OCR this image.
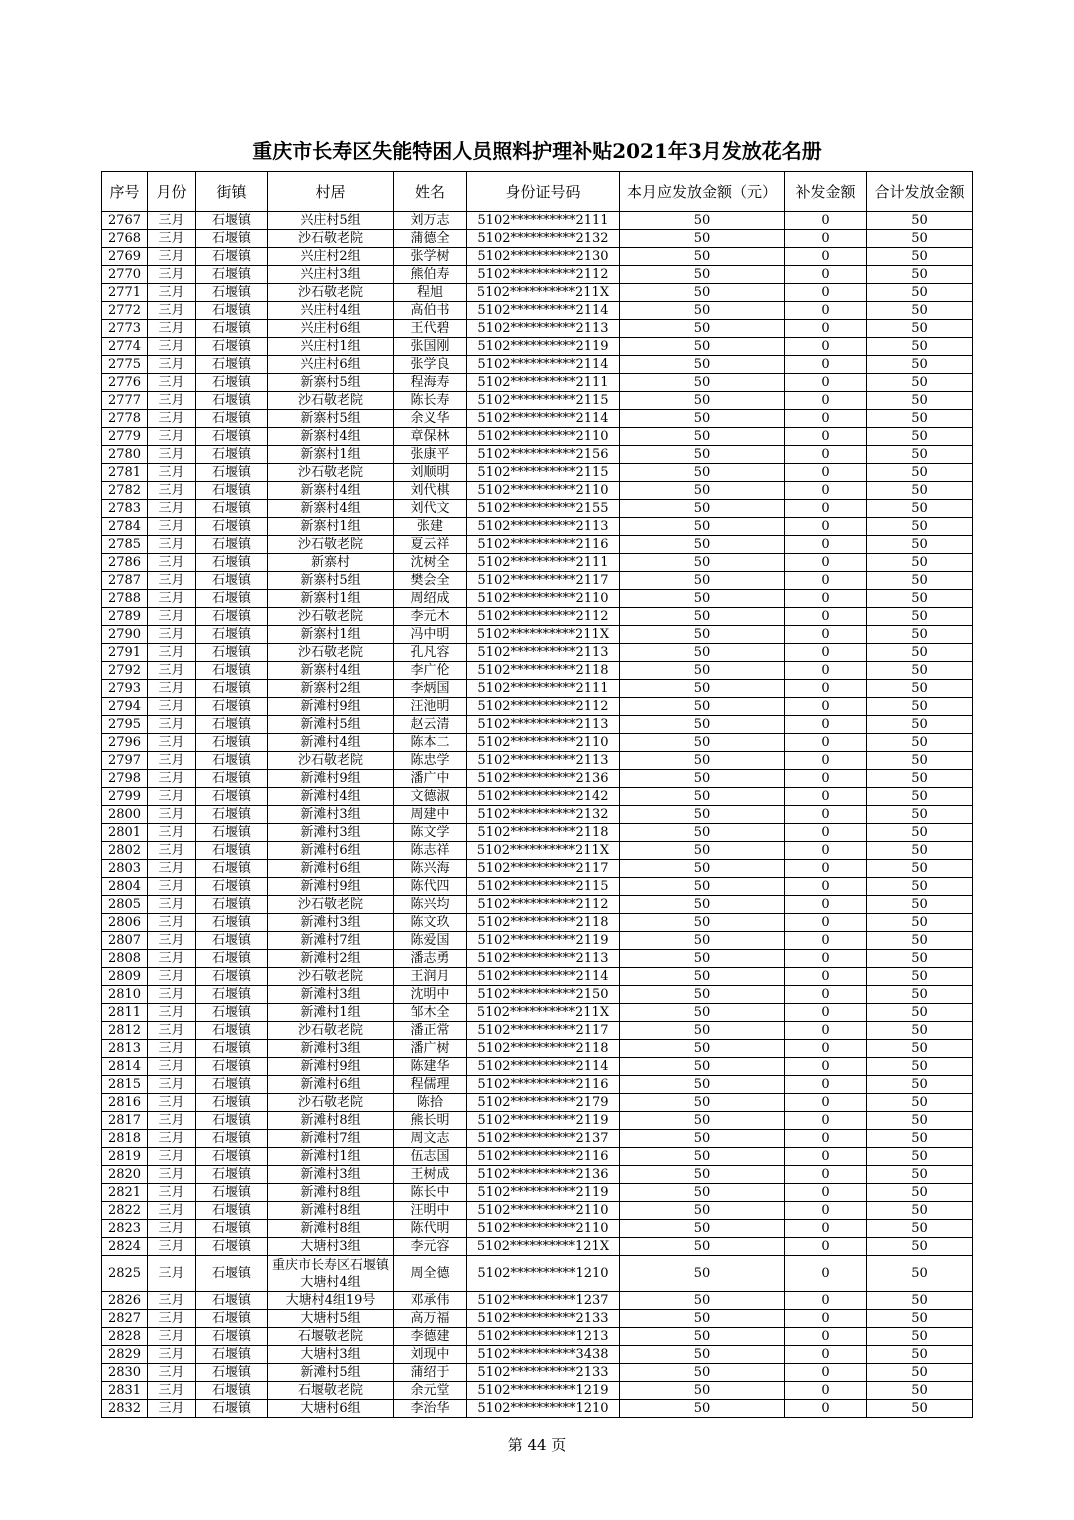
重庆市长寿区失能特困人员照料护理补贴2021年3月发放花名册
序号	月份	街镇	村居	姓名	身份证号码	本月应发放金额（元）	补发金额	合计发放金额
2767	三月	石堰镇	兴庄村5组	刘万志	5102**********2111	50	0	50
2768	三月	石堰镇	沙石敬老院	蒲德全	5102**********2132	50	0	50
2769	三月	石堰镇	兴庄村2组	张学树	5102**********2130	50	0	50
2770	三月	石堰镇	兴庄村3组	熊伯寿	5102**********2112	50	0	50
2771	三月	石堰镇	沙石敬老院	程旭	5102**********211X	50	0	50
2772	三月	石堰镇	兴庄村4组	高伯书	5102**********2114	50	0	50
2773	三月	石堰镇	兴庄村6组	王代碧	5102**********2113	50	0	50
2774	三月	石堰镇	兴庄村1组	张国刚	5102**********2119	50	0	50
2775	三月	石堰镇	兴庄村6组	张学良	5102**********2114	50	0	50
2776	三月	石堰镇	新寨村5组	程海寿	5102**********2111	50	0	50
2777	三月	石堰镇	沙石敬老院	陈长寿	5102**********2115	50	0	50
2778	三月	石堰镇	新寨村5组	余义华	5102**********2114	50	0	50
2779	三月	石堰镇	新寨村4组	章保林	5102**********2110	50	0	50
2780	三月	石堰镇	新寨村1组	张康平	5102**********2156	50	0	50
2781	三月	石堰镇	沙石敬老院	刘顺明	5102**********2115	50	0	50
2782	三月	石堰镇	新寨村4组	刘代棋	5102**********2110	50	0	50
2783	三月	石堰镇	新寨村4组	刘代文	5102**********2155	50	0	50
2784	三月	石堰镇	新寨村1组	张建	5102**********2113	50	0	50
2785	三月	石堰镇	沙石敬老院	夏云祥	5102**********2116	50	0	50
2786	三月	石堰镇	新寨村	沈树全	5102**********2111	50	0	50
2787	三月	石堰镇	新寨村5组	樊会全	5102**********2117	50	0	50
2788	三月	石堰镇	新寨村1组	周绍成	5102**********2110	50	0	50
2789	三月	石堰镇	沙石敬老院	李元木	5102**********2112	50	0	50
2790	三月	石堰镇	新寨村1组	冯中明	5102**********211X	50	0	50
2791	三月	石堰镇	沙石敬老院	孔凡容	5102**********2113	50	0	50
2792	三月	石堰镇	新寨村4组	李广伦	5102**********2118	50	0	50
2793	三月	石堰镇	新寨村2组	李炳国	5102**********2111	50	0	50
2794	三月	石堰镇	新滩村9组	汪池明	5102**********2112	50	0	50
2795	三月	石堰镇	新滩村5组	赵云清	5102**********2113	50	0	50
2796	三月	石堰镇	新滩村4组	陈本二	5102**********2110	50	0	50
2797	三月	石堰镇	沙石敬老院	陈忠学	5102**********2113	50	0	50
2798	三月	石堰镇	新滩村9组	潘广中	5102**********2136	50	0	50
2799	三月	石堰镇	新滩村4组	文德淑	5102**********2142	50	0	50
2800	三月	石堰镇	新滩村3组	周建中	5102**********2132	50	0	50
2801	三月	石堰镇	新滩村3组	陈文学	5102**********2118	50	0	50
2802	三月	石堰镇	新滩村6组	陈志祥	5102**********211X	50	0	50
2803	三月	石堰镇	新滩村6组	陈兴海	5102**********2117	50	0	50
2804	三月	石堰镇	新滩村9组	陈代四	5102**********2115	50	0	50
2805	三月	石堰镇	沙石敬老院	陈兴均	5102**********2112	50	0	50
2806	三月	石堰镇	新滩村3组	陈文玖	5102**********2118	50	0	50
2807	三月	石堰镇	新滩村7组	陈爱国	5102**********2119	50	0	50
2808	三月	石堰镇	新滩村2组	潘志勇	5102**********2113	50	0	50
2809	三月	石堰镇	沙石敬老院	王润月	5102**********2114	50	0	50
2810	三月	石堰镇	新滩村3组	沈明中	5102**********2150	50	0	50
2811	三月	石堰镇	新滩村1组	邹木全	5102**********211X	50	0	50
2812	三月	石堰镇	沙石敬老院	潘正常	5102**********2117	50	0	50
2813	三月	石堰镇	新滩村3组	潘广树	5102**********2118	50	0	50
2814	三月	石堰镇	新滩村9组	陈建华	5102**********2114	50	0	50
2815	三月	石堰镇	新滩村6组	程儒理	5102**********2116	50	0	50
2816	三月	石堰镇	沙石敬老院	陈拾	5102**********2179	50	0	50
2817	三月	石堰镇	新滩村8组	熊长明	5102**********2119	50	0	50
2818	三月	石堰镇	新滩村7组	周文志	5102**********2137	50	0	50
2819	三月	石堰镇	新滩村1组	伍志国	5102**********2116	50	0	50
2820	三月	石堰镇	新滩村3组	王树成	5102**********2136	50	0	50
2821	三月	石堰镇	新滩村8组	陈长中	5102**********2119	50	0	50
2822	三月	石堰镇	新滩村8组	汪明中	5102**********2110	50	0	50
2823	三月	石堰镇	新滩村8组	陈代明	5102**********2110	50	0	50
2824	三月	石堰镇	大塘村3组	李元容	5102**********121X	50	0	50
2825	三月	石堰镇	重庆市长寿区石堰镇大塘村4组	周全德	5102**********1210	50	0	50
2826	三月	石堰镇	大塘村4组19号	邓承伟	5102**********1237	50	0	50
2827	三月	石堰镇	大塘村5组	高万福	5102**********2133	50	0	50
2828	三月	石堰镇	石堰敬老院	李德建	5102**********1213	50	0	50
2829	三月	石堰镇	大塘村3组	刘现中	5102**********3438	50	0	50
2830	三月	石堰镇	新滩村5组	蒲绍于	5102**********2133	50	0	50
2831	三月	石堰镇	石堰敬老院	余元堂	5102**********1219	50	0	50
2832	三月	石堰镇	大塘村6组	李治华	5102**********1210	50	0	50
第 44 页
